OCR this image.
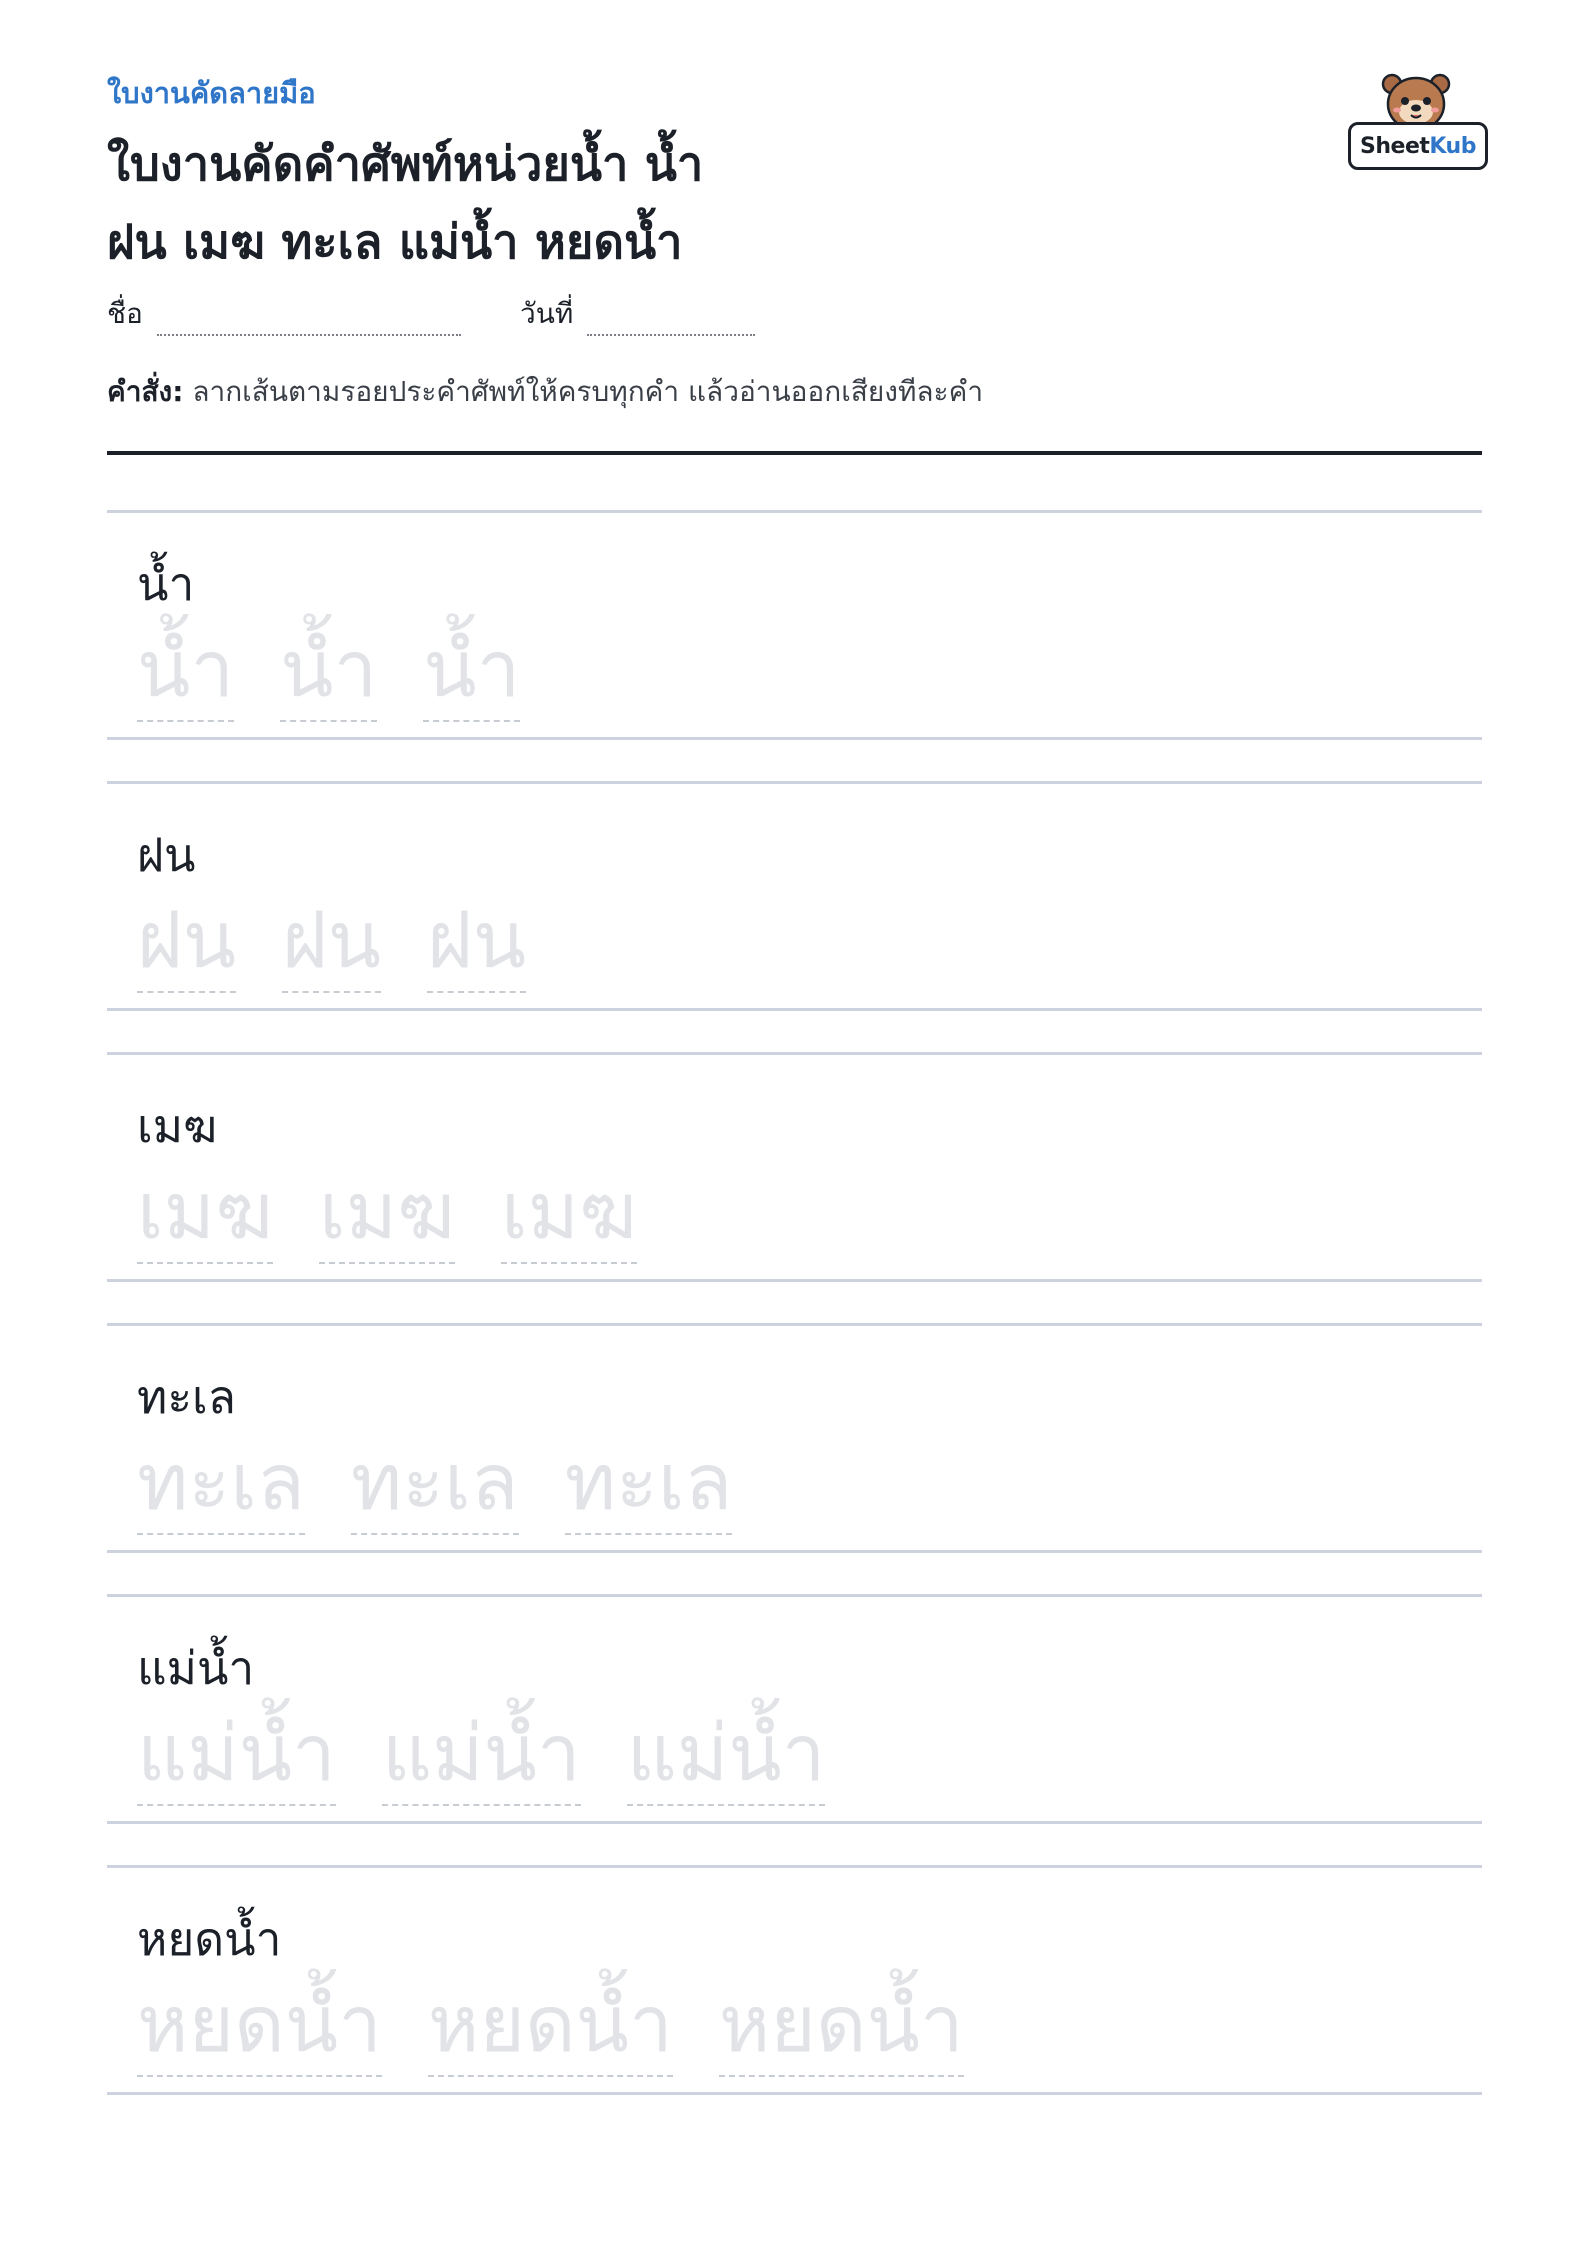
ใบงานคัดลายมือ
ใบงานคัดคำศัพท์หน่วยน้ำ น้ำ
ฝน เมฆ ทะเล แม่น้ำ หยดน้ำ
Sheet Kub
ชื่อ	วันที่
คำสั่ง: ลากเส้นตามรอยประคำศัพท์ให้ครบทุกคำ แล้วอ่านออกเสียงทีละคำ
น้ำ
น้ำ น้ำ น้ำ
ฝน
ฝน ฝน ฝน
เมฆ
เมฆ เมฆ เมฆ
ทะเล
ทะเล ทะเล ทะเล
แม่น้ำ
แม่น้ำ แม่น้ำ แม่น้ำ
หยดน้ำ
หยดน้ำ หยดน้ำ หยดน้ำ
